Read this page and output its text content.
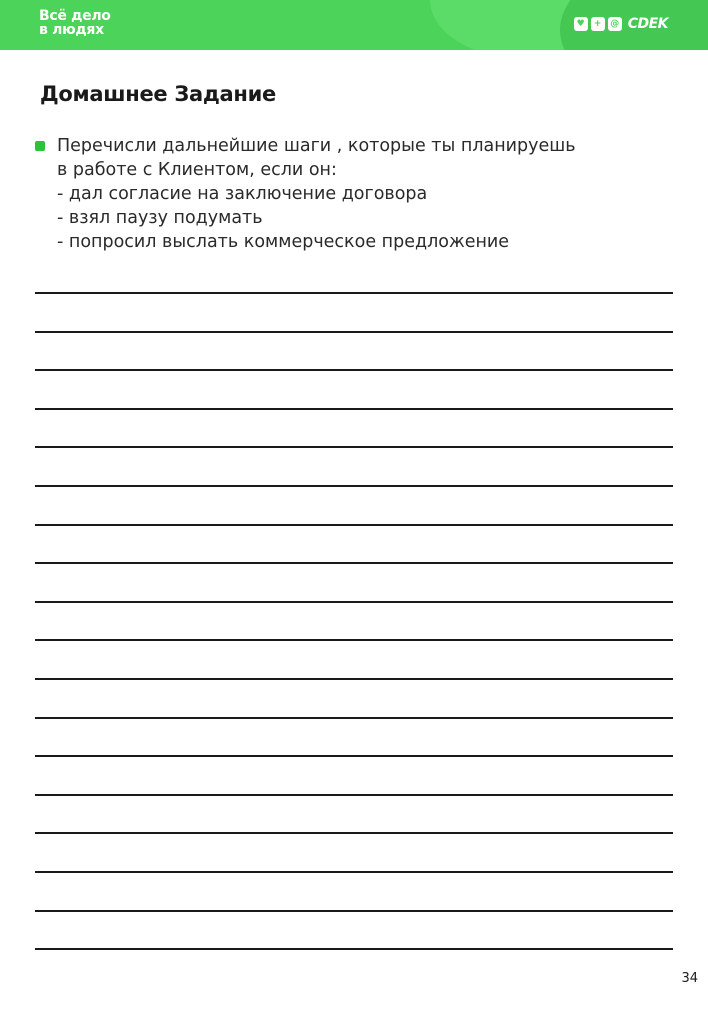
Всё дело
в людях	♥	+ @ CDEK
Домашнее Задание
Перечисли дальнейшие шаги , которые ты планируешь
в работе с Клиентом, если он:
- дал согласие на заключение договора
- взял паузу подумать
- попросил выслать коммерческое предложение
34
